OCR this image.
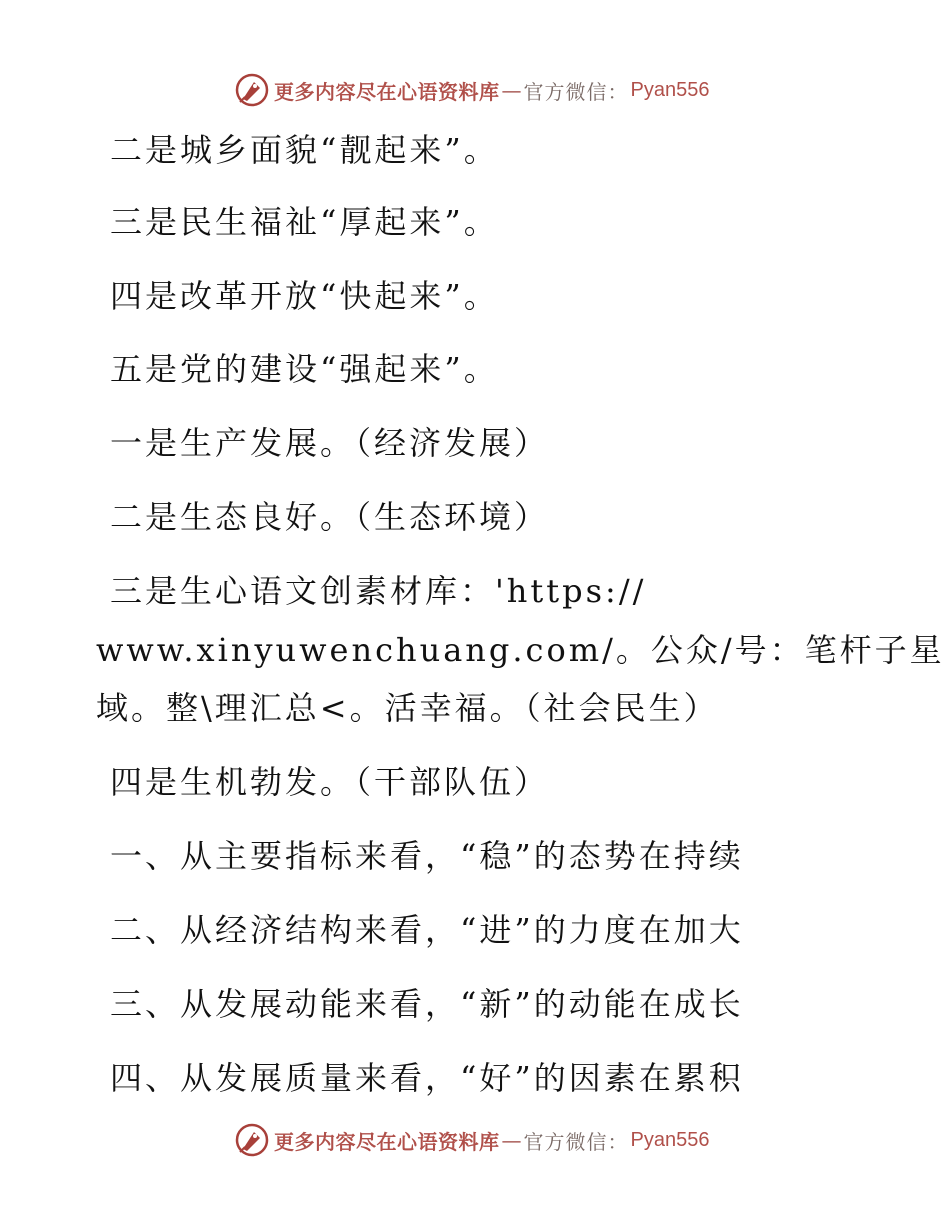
更多内容尽在心语资料库 — 官方微信： Pyan556
二是城乡面貌“靓起来”。
三是民生福祉“厚起来”。
四是改革开放“快起来”。
五是党的建设“强起来”。
一是生产发展。（经济发展）
二是生态良好。（生态环境）
三是生心语文创素材库：'https://
www.xinyuwenchuang.com/。公众/号：笔杆子星
域。整\理汇总<。活幸福。（社会民生）
四是生机勃发。（干部队伍）
一、从主要指标来看，“稳”的态势在持续
二、从经济结构来看，“进”的力度在加大
三、从发展动能来看，“新”的动能在成长
四、从发展质量来看，“好”的因素在累积
更多内容尽在心语资料库 — 官方微信： Pyan556
